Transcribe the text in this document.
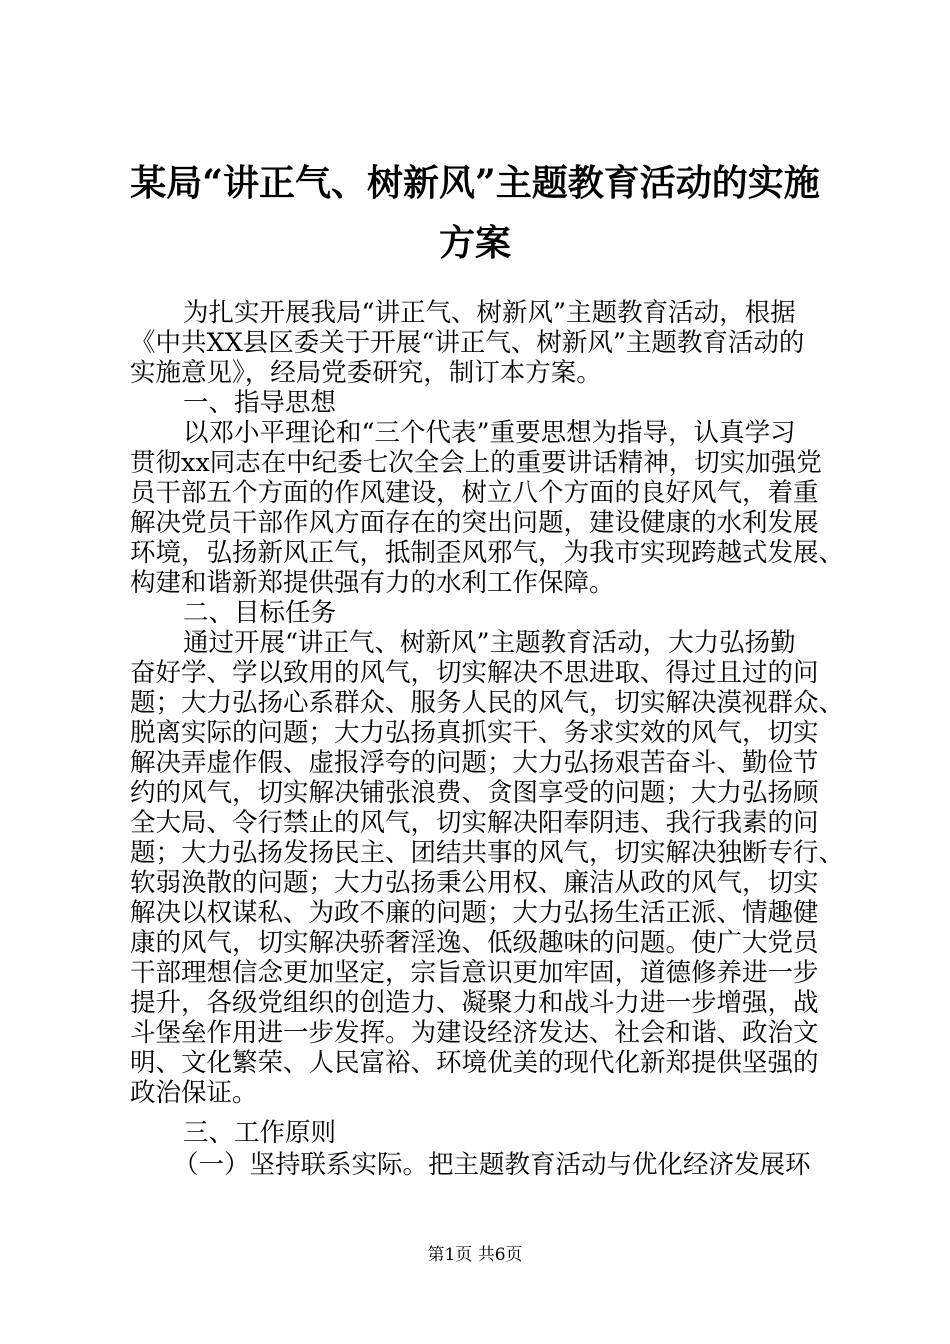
某局“讲正气、树新风”主题教育活动的实施
方案
为扎实开展我局“讲正气、树新风”主题教育活动，根据
《中共XX县区委关于开展“讲正气、树新风”主题教育活动的
实施意见》，经局党委研究，制订本方案。
一、指导思想
以邓小平理论和“三个代表”重要思想为指导，认真学习
贯彻xx同志在中纪委七次全会上的重要讲话精神，切实加强党
员干部五个方面的作风建设，树立八个方面的良好风气，着重
解决党员干部作风方面存在的突出问题，建设健康的水利发展
环境，弘扬新风正气，抵制歪风邪气，为我市实现跨越式发展、
构建和谐新郑提供强有力的水利工作保障。
二、目标任务
通过开展“讲正气、树新风”主题教育活动，大力弘扬勤
奋好学、学以致用的风气，切实解决不思进取、得过且过的问
题；大力弘扬心系群众、服务人民的风气，切实解决漠视群众、
脱离实际的问题；大力弘扬真抓实干、务求实效的风气，切实
解决弄虚作假、虚报浮夸的问题；大力弘扬艰苦奋斗、勤俭节
约的风气，切实解决铺张浪费、贪图享受的问题；大力弘扬顾
全大局、令行禁止的风气，切实解决阳奉阴违、我行我素的问
题；大力弘扬发扬民主、团结共事的风气，切实解决独断专行、
软弱涣散的问题；大力弘扬秉公用权、廉洁从政的风气，切实
解决以权谋私、为政不廉的问题；大力弘扬生活正派、情趣健
康的风气，切实解决骄奢淫逸、低级趣味的问题。使广大党员
干部理想信念更加坚定，宗旨意识更加牢固，道德修养进一步
提升，各级党组织的创造力、凝聚力和战斗力进一步增强，战
斗堡垒作用进一步发挥。为建设经济发达、社会和谐、政治文
明、文化繁荣、人民富裕、环境优美的现代化新郑提供坚强的
政治保证。
三、工作原则
（一）坚持联系实际。把主题教育活动与优化经济发展环
第1页 共6页
